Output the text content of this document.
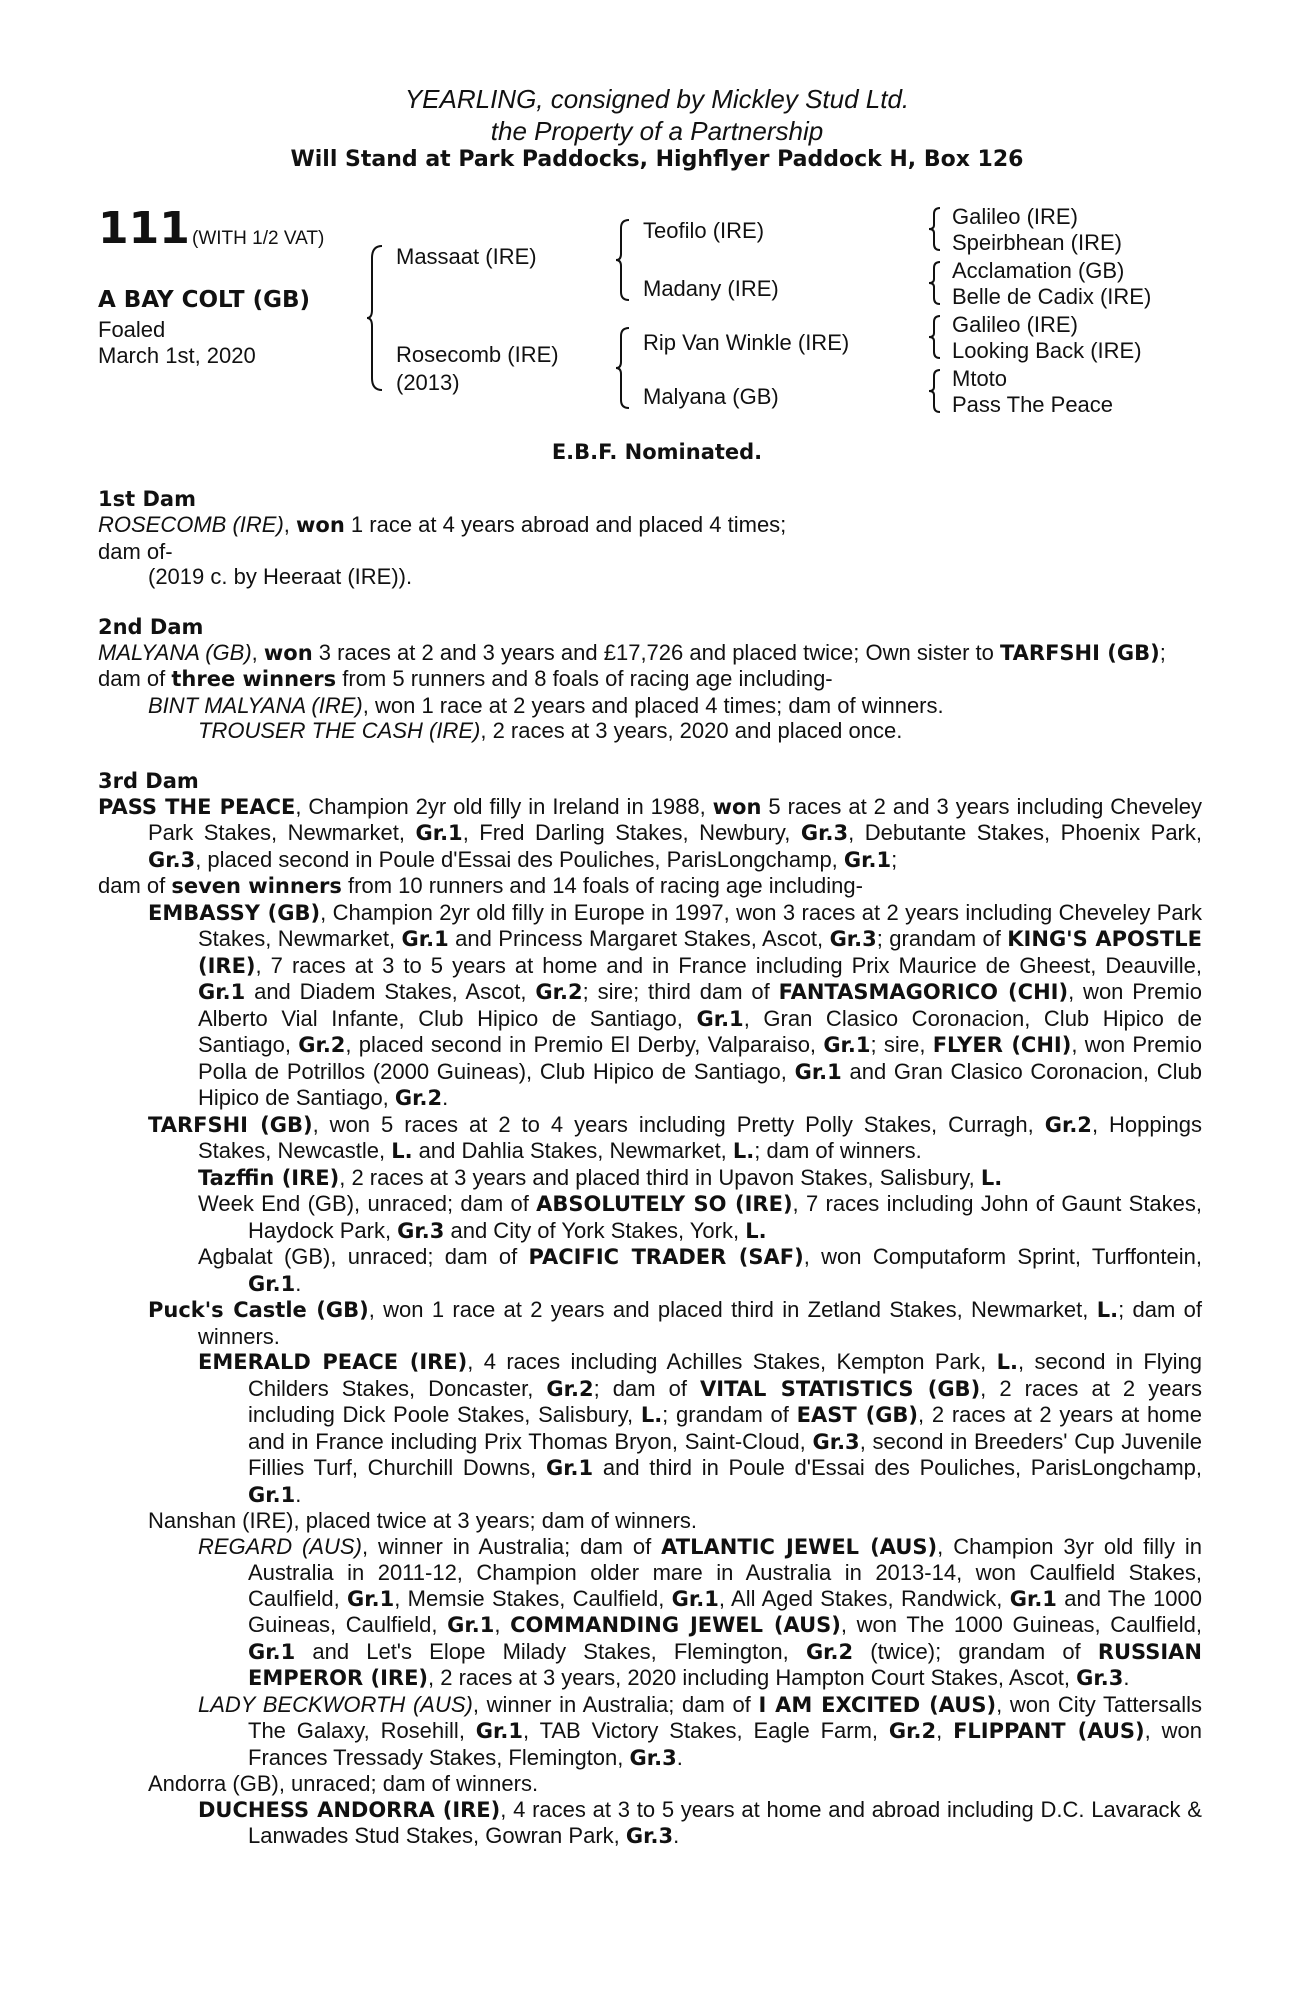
YEARLING, consigned by Mickley Stud Ltd.
the Property of a Partnership
Will Stand at Park Paddocks, Highflyer Paddock H, Box 126
111 (WITH 1/2 VAT)
A BAY COLT (GB)
Foaled
March 1st, 2020
Massaat (IRE)
Rosecomb (IRE)
(2013)
Teofilo (IRE)
Madany (IRE)
Rip Van Winkle (IRE)
Malyana (GB)
Galileo (IRE)
Speirbhean (IRE)
Acclamation (GB)
Belle de Cadix (IRE)
Galileo (IRE)
Looking Back (IRE)
Mtoto
Pass The Peace
E.B.F. Nominated.
1st Dam
ROSECOMB (IRE), won 1 race at 4 years abroad and placed 4 times;
dam of-
(2019 c. by Heeraat (IRE)).
2nd Dam
MALYANA (GB), won 3 races at 2 and 3 years and £17,726 and placed twice; Own sister to TARFSHI (GB);
dam of three winners from 5 runners and 8 foals of racing age including-
BINT MALYANA (IRE), won 1 race at 2 years and placed 4 times; dam of winners.
TROUSER THE CASH (IRE), 2 races at 3 years, 2020 and placed once.
3rd Dam
PASS THE PEACE, Champion 2yr old filly in Ireland in 1988, won 5 races at 2 and 3 years including Cheveley Park Stakes, Newmarket, Gr.1, Fred Darling Stakes, Newbury, Gr.3, Debutante Stakes, Phoenix Park, Gr.3, placed second in Poule d'Essai des Pouliches, ParisLongchamp, Gr.1;
dam of seven winners from 10 runners and 14 foals of racing age including-
EMBASSY (GB), Champion 2yr old filly in Europe in 1997, won 3 races at 2 years including Cheveley Park Stakes, Newmarket, Gr.1 and Princess Margaret Stakes, Ascot, Gr.3; grandam of KING'S APOSTLE (IRE), 7 races at 3 to 5 years at home and in France including Prix Maurice de Gheest, Deauville, Gr.1 and Diadem Stakes, Ascot, Gr.2; sire; third dam of FANTASMAGORICO (CHI), won Premio Alberto Vial Infante, Club Hipico de Santiago, Gr.1, Gran Clasico Coronacion, Club Hipico de Santiago, Gr.2, placed second in Premio El Derby, Valparaiso, Gr.1; sire, FLYER (CHI), won Premio Polla de Potrillos (2000 Guineas), Club Hipico de Santiago, Gr.1 and Gran Clasico Coronacion, Club Hipico de Santiago, Gr.2.
TARFSHI (GB), won 5 races at 2 to 4 years including Pretty Polly Stakes, Curragh, Gr.2, Hoppings Stakes, Newcastle, L. and Dahlia Stakes, Newmarket, L.; dam of winners.
Tazffin (IRE), 2 races at 3 years and placed third in Upavon Stakes, Salisbury, L.
Week End (GB), unraced; dam of ABSOLUTELY SO (IRE), 7 races including John of Gaunt Stakes, Haydock Park, Gr.3 and City of York Stakes, York, L.
Agbalat (GB), unraced; dam of PACIFIC TRADER (SAF), won Computaform Sprint, Turffontein, Gr.1.
Puck's Castle (GB), won 1 race at 2 years and placed third in Zetland Stakes, Newmarket, L.; dam of winners.
EMERALD PEACE (IRE), 4 races including Achilles Stakes, Kempton Park, L., second in Flying Childers Stakes, Doncaster, Gr.2; dam of VITAL STATISTICS (GB), 2 races at 2 years including Dick Poole Stakes, Salisbury, L.; grandam of EAST (GB), 2 races at 2 years at home and in France including Prix Thomas Bryon, Saint-Cloud, Gr.3, second in Breeders' Cup Juvenile Fillies Turf, Churchill Downs, Gr.1 and third in Poule d'Essai des Pouliches, ParisLongchamp, Gr.1.
Nanshan (IRE), placed twice at 3 years; dam of winners.
REGARD (AUS), winner in Australia; dam of ATLANTIC JEWEL (AUS), Champion 3yr old filly in Australia in 2011-12, Champion older mare in Australia in 2013-14, won Caulfield Stakes, Caulfield, Gr.1, Memsie Stakes, Caulfield, Gr.1, All Aged Stakes, Randwick, Gr.1 and The 1000 Guineas, Caulfield, Gr.1, COMMANDING JEWEL (AUS), won The 1000 Guineas, Caulfield, Gr.1 and Let's Elope Milady Stakes, Flemington, Gr.2 (twice); grandam of RUSSIAN EMPEROR (IRE), 2 races at 3 years, 2020 including Hampton Court Stakes, Ascot, Gr.3.
LADY BECKWORTH (AUS), winner in Australia; dam of I AM EXCITED (AUS), won City Tattersalls The Galaxy, Rosehill, Gr.1, TAB Victory Stakes, Eagle Farm, Gr.2, FLIPPANT (AUS), won Frances Tressady Stakes, Flemington, Gr.3.
Andorra (GB), unraced; dam of winners.
DUCHESS ANDORRA (IRE), 4 races at 3 to 5 years at home and abroad including D.C. Lavarack & Lanwades Stud Stakes, Gowran Park, Gr.3.
